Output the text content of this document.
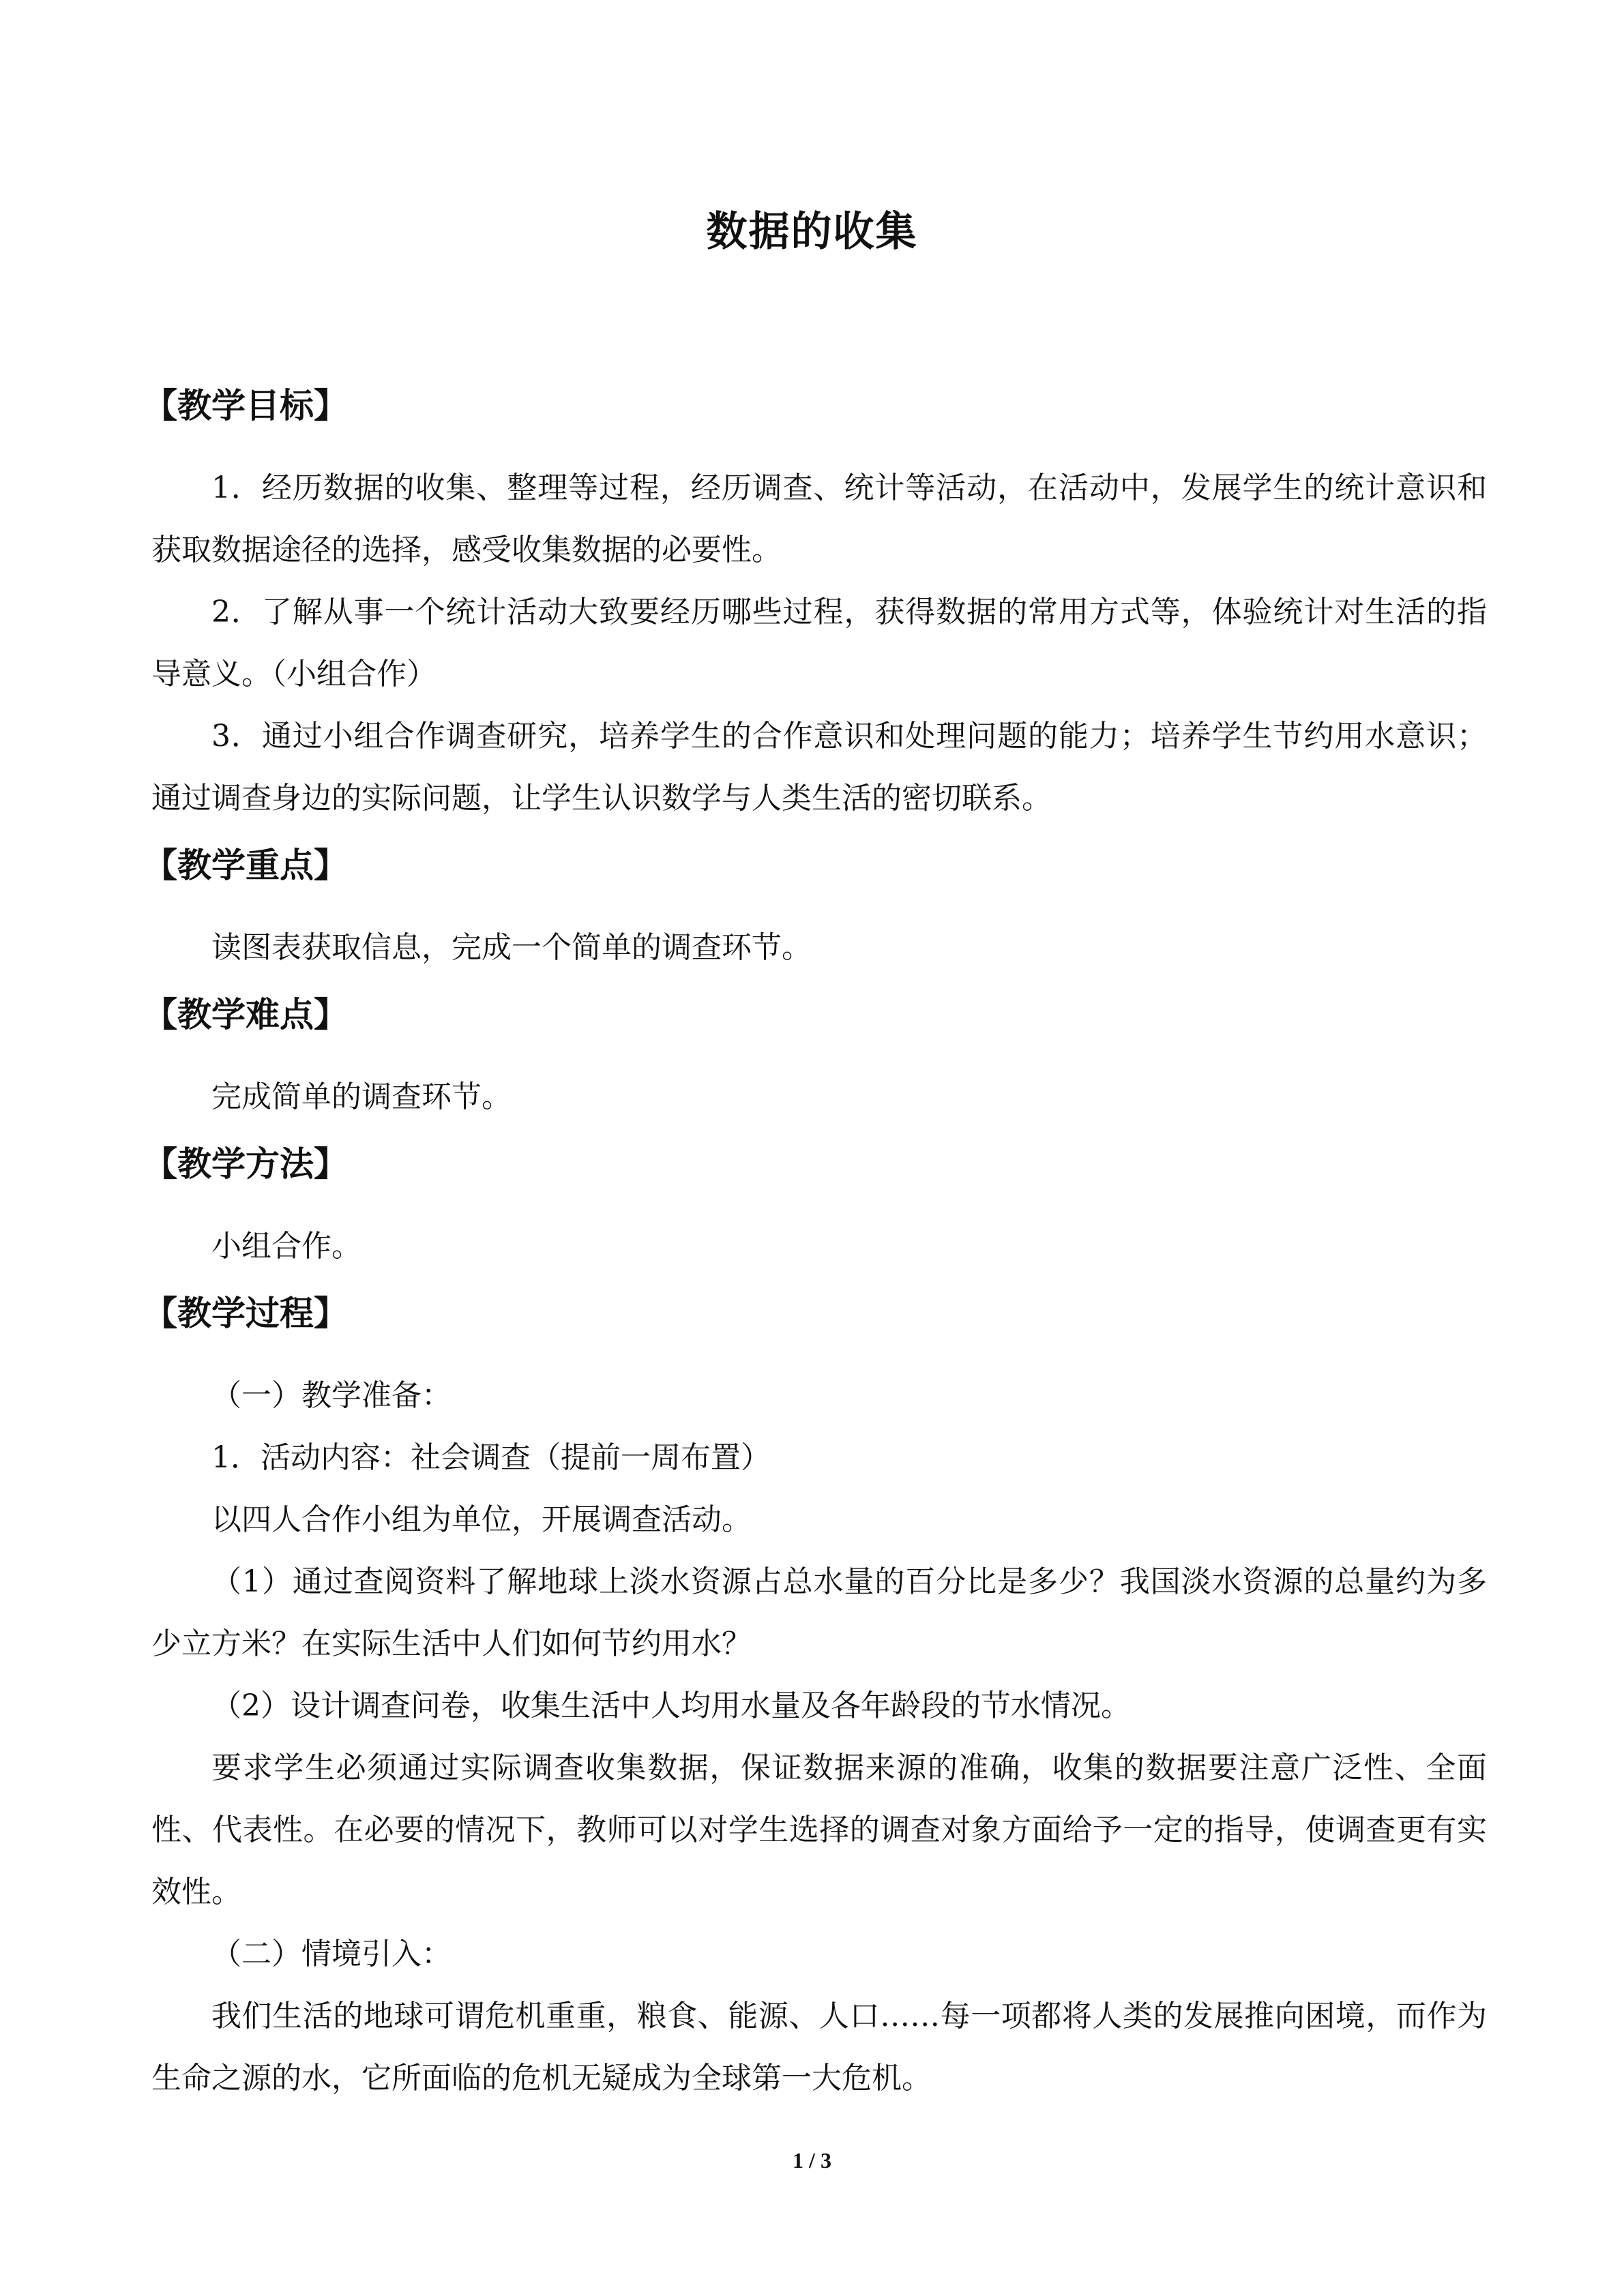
数据的收集
【教学目标】
1．经历数据的收集、整理等过程，经历调查、统计等活动，在活动中，发展学生的统计意识和获取数据途径的选择，感受收集数据的必要性。
2．了解从事一个统计活动大致要经历哪些过程，获得数据的常用方式等，体验统计对生活的指导意义。（小组合作）
3．通过小组合作调查研究，培养学生的合作意识和处理问题的能力；培养学生节约用水意识；通过调查身边的实际问题，让学生认识数学与人类生活的密切联系。
【教学重点】
读图表获取信息，完成一个简单的调查环节。
【教学难点】
完成简单的调查环节。
【教学方法】
小组合作。
【教学过程】
（一）教学准备：
1．活动内容：社会调查（提前一周布置）
以四人合作小组为单位，开展调查活动。
（1）通过查阅资料了解地球上淡水资源占总水量的百分比是多少？我国淡水资源的总量约为多少立方米？在实际生活中人们如何节约用水？
（2）设计调查问卷，收集生活中人均用水量及各年龄段的节水情况。
要求学生必须通过实际调查收集数据，保证数据来源的准确，收集的数据要注意广泛性、全面性、代表性。在必要的情况下，教师可以对学生选择的调查对象方面给予一定的指导，使调查更有实效性。
（二）情境引入：
我们生活的地球可谓危机重重，粮食、能源、人口……每一项都将人类的发展推向困境，而作为生命之源的水，它所面临的危机无疑成为全球第一大危机。
1 / 3
